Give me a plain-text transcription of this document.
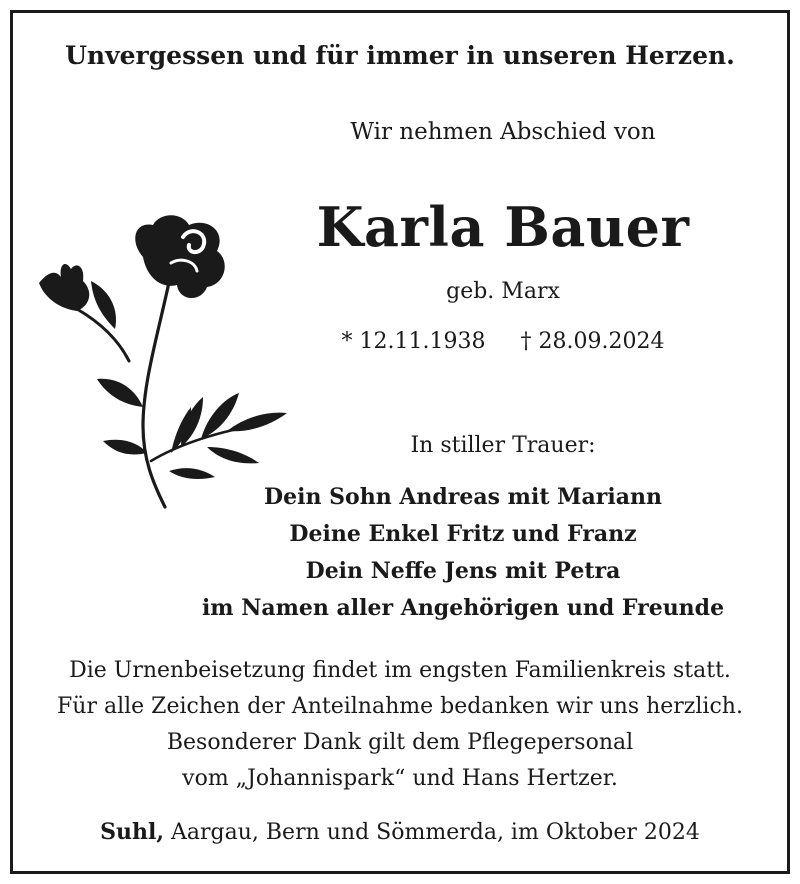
Unvergessen und für immer in unseren Herzen.
Wir nehmen Abschied von
Karla Bauer
geb. Marx
* 12.11.1938 † 28.09.2024
In stiller Trauer:
Dein Sohn Andreas mit Mariann
Deine Enkel Fritz und Franz
Dein Neffe Jens mit Petra
im Namen aller Angehörigen und Freunde
Die Urnenbeisetzung findet im engsten Familienkreis statt.
Für alle Zeichen der Anteilnahme bedanken wir uns herzlich.
Besonderer Dank gilt dem Pflegepersonal
vom „Johannispark“ und Hans Hertzer.
Suhl, Aargau, Bern und Sömmerda, im Oktober 2024
